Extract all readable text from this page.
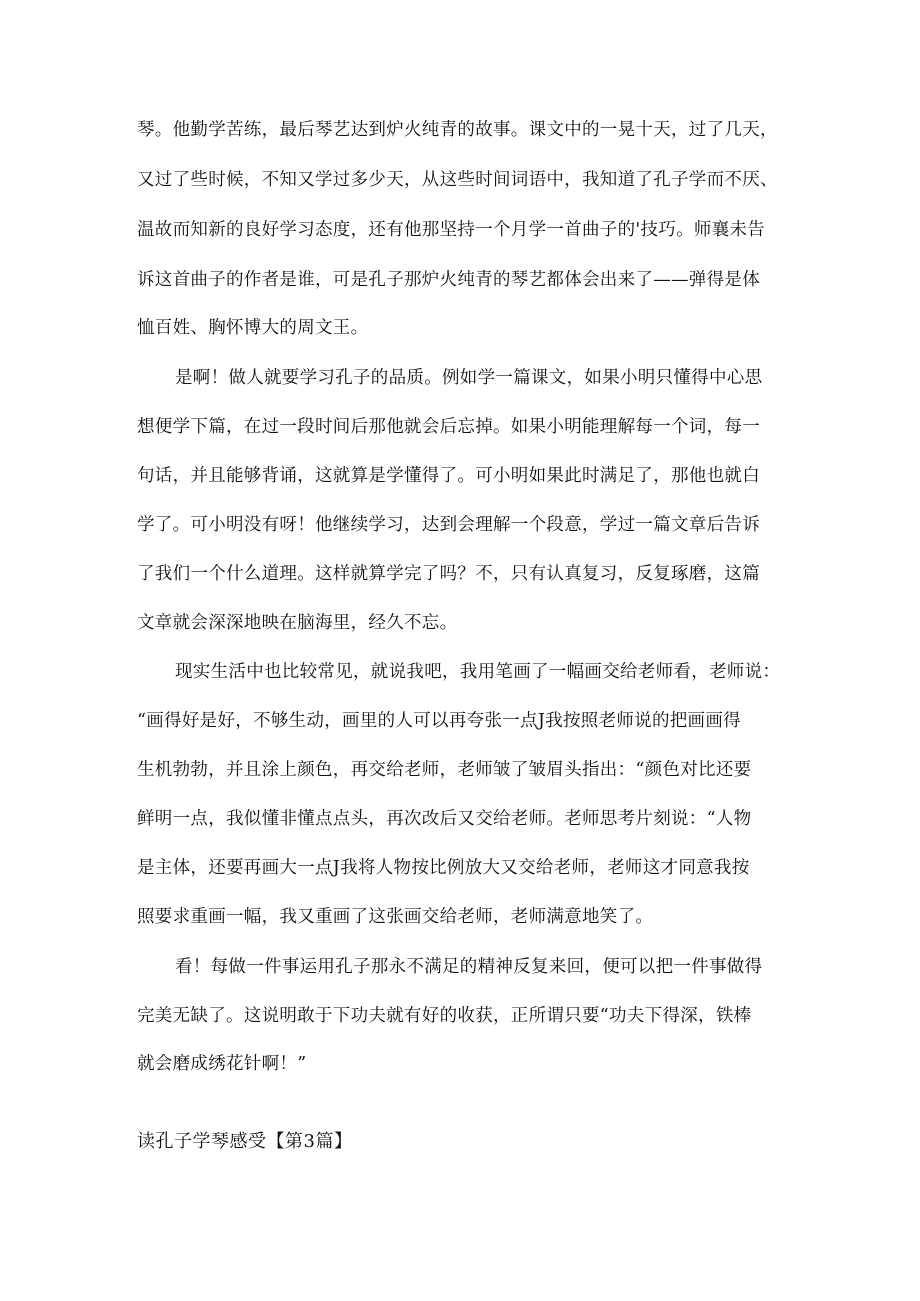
琴。他勤学苦练，最后琴艺达到炉火纯青的故事。课文中的一晃十天，过了几天，
又过了些时候，不知又学过多少天，从这些时间词语中，我知道了孔子学而不厌、
温故而知新的良好学习态度，还有他那坚持一个月学一首曲子的'技巧。师襄未告
诉这首曲子的作者是谁，可是孔子那炉火纯青的琴艺都体会出来了——弹得是体
恤百姓、胸怀博大的周文王。
是啊！做人就要学习孔子的品质。例如学一篇课文，如果小明只懂得中心思
想便学下篇，在过一段时间后那他就会后忘掉。如果小明能理解每一个词，每一
句话，并且能够背诵，这就算是学懂得了。可小明如果此时满足了，那他也就白
学了。可小明没有呀！他继续学习，达到会理解一个段意，学过一篇文章后告诉
了我们一个什么道理。这样就算学完了吗？不，只有认真复习，反复琢磨，这篇
文章就会深深地映在脑海里，经久不忘。
现实生活中也比较常见，就说我吧，我用笔画了一幅画交给老师看，老师说：
“画得好是好，不够生动，画里的人可以再夸张一点J我按照老师说的把画画得
生机勃勃，并且涂上颜色，再交给老师，老师皱了皱眉头指出：“颜色对比还要
鲜明一点，我似懂非懂点点头，再次改后又交给老师。老师思考片刻说：“人物
是主体，还要再画大一点J我将人物按比例放大又交给老师，老师这才同意我按
照要求重画一幅，我又重画了这张画交给老师，老师满意地笑了。
看！每做一件事运用孔子那永不满足的精神反复来回，便可以把一件事做得
完美无缺了。这说明敢于下功夫就有好的收获，正所谓只要“功夫下得深，铁棒
就会磨成绣花针啊！”
读孔子学琴感受【第3篇】
